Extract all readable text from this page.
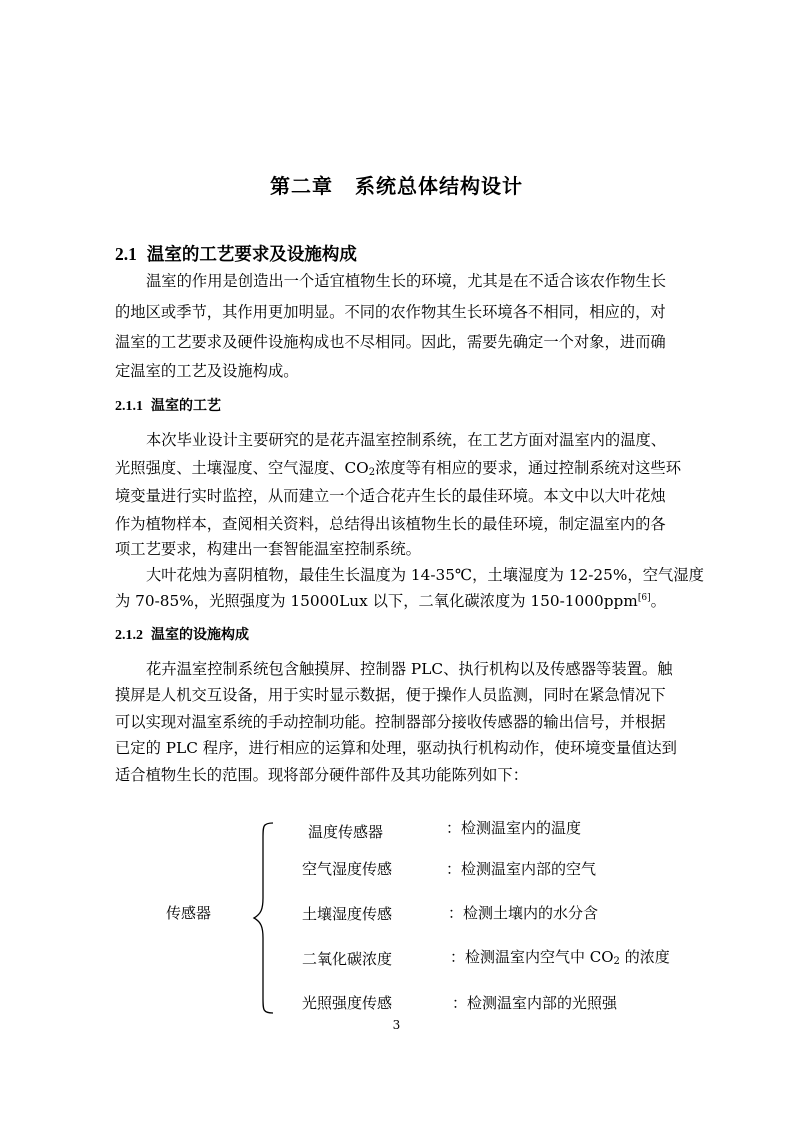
第二章 系统总体结构设计
2.1 温室的工艺要求及设施构成
温室的作用是创造出一个适宜植物生长的环境，尤其是在不适合该农作物生长
的地区或季节，其作用更加明显。不同的农作物其生长环境各不相同，相应的，对
温室的工艺要求及硬件设施构成也不尽相同。因此，需要先确定一个对象，进而确
定温室的工艺及设施构成。
2.1.1 温室的工艺
本次毕业设计主要研究的是花卉温室控制系统，在工艺方面对温室内的温度、
光照强度、土壤湿度、空气湿度、$CO_2$浓度等有相应的要求，通过控制系统对这些环
境变量进行实时监控，从而建立一个适合花卉生长的最佳环境。本文中以大叶花烛
作为植物样本，查阅相关资料，总结得出该植物生长的最佳环境，制定温室内的各
项工艺要求，构建出一套智能温室控制系统。
大叶花烛为喜阴植物，最佳生长温度为 14-35℃，土壤湿度为 12-25%，空气湿度
为 70-85%，光照强度为 15000Lux 以下，二氧化碳浓度为 150-1000ppm[6]。
2.1.2 温室的设施构成
花卉温室控制系统包含触摸屏、控制器 PLC、执行机构以及传感器等装置。触
摸屏是人机交互设备，用于实时显示数据，便于操作人员监测，同时在紧急情况下
可以实现对温室系统的手动控制功能。控制器部分接收传感器的输出信号，并根据
已定的 PLC 程序，进行相应的运算和处理，驱动执行机构动作，使环境变量值达到
适合植物生长的范围。现将部分硬件部件及其功能陈列如下：
传感器
温度传感器	：检测温室内的温度
空气湿度传感	：检测温室内部的空气
土壤湿度传感	：检测土壤内的水分含
二氧化碳浓度	：检测温室内空气中 $CO_2$ 的浓度
光照强度传感	：检测温室内部的光照强
3
